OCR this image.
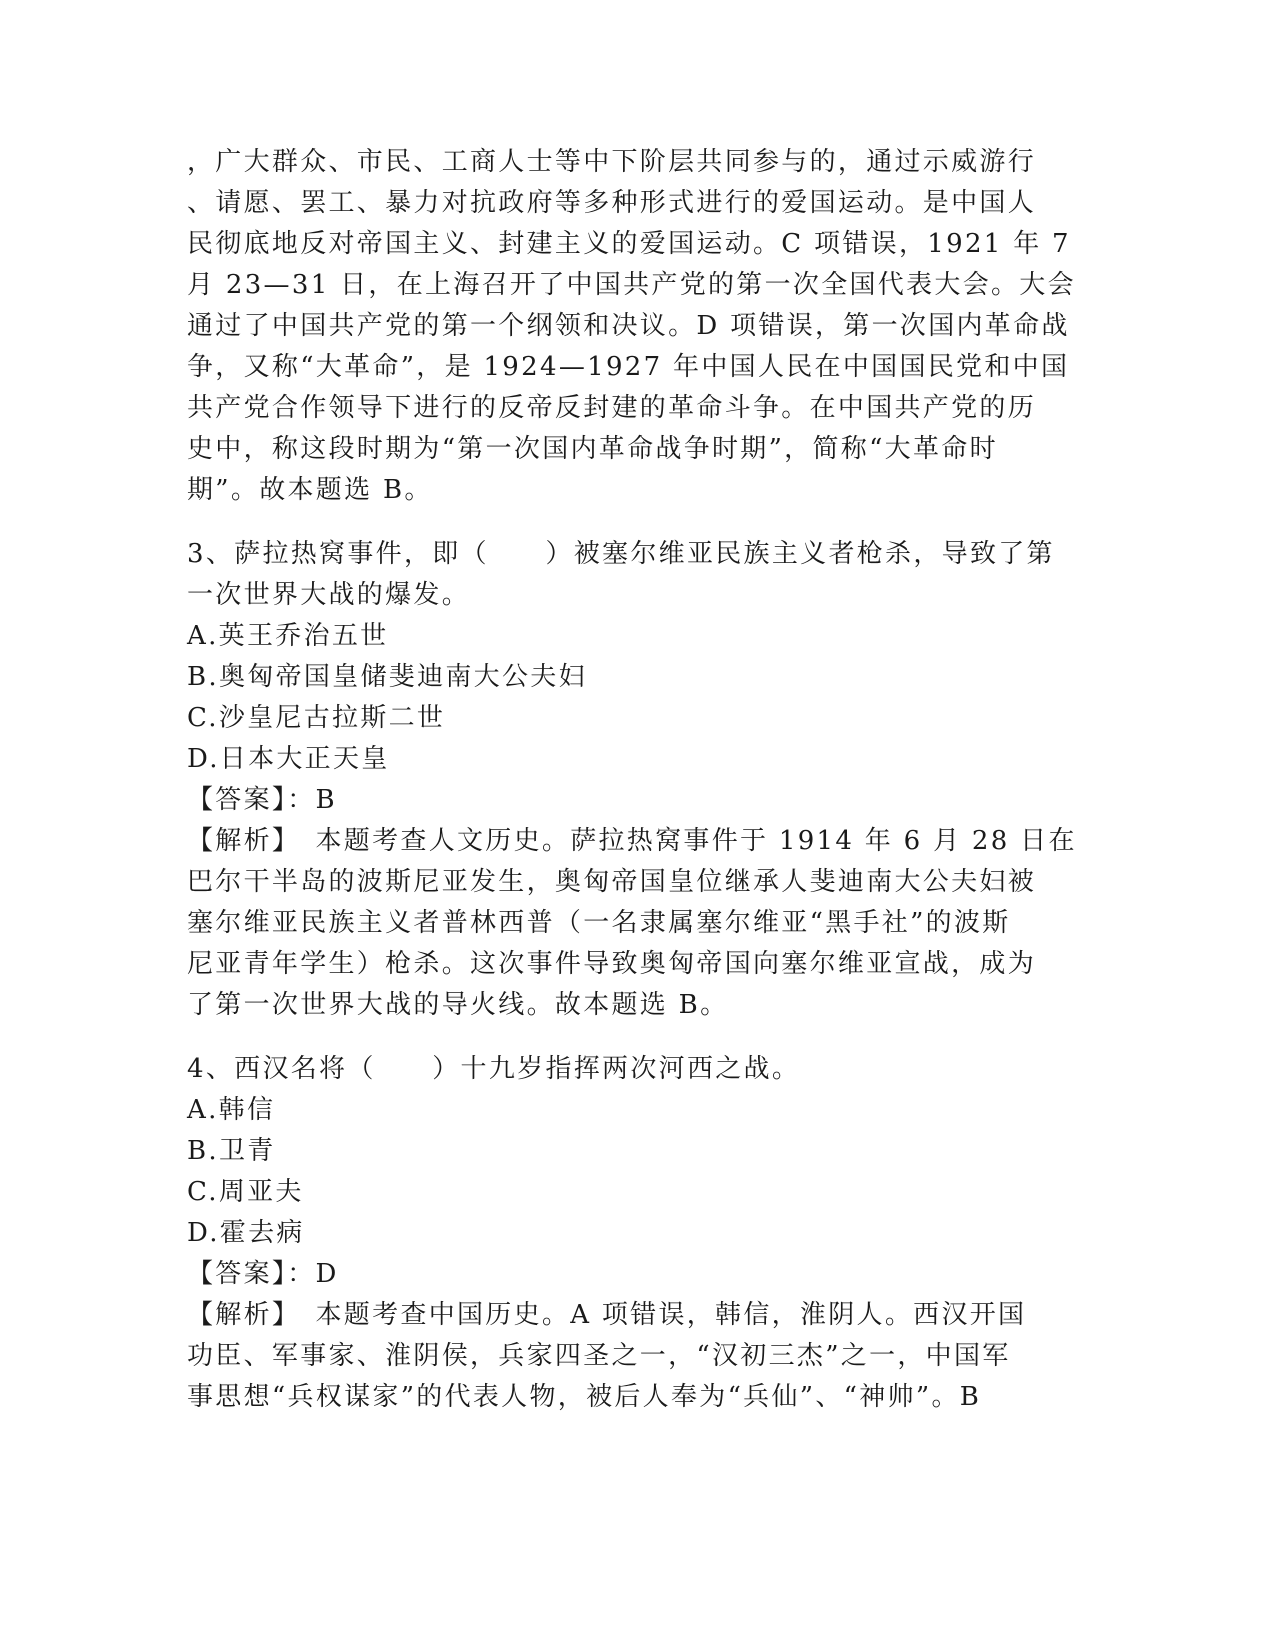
，广大群众、市民、工商人士等中下阶层共同参与的，通过示威游行
、请愿、罢工、暴力对抗政府等多种形式进行的爱国运动。是中国人
民彻底地反对帝国主义、封建主义的爱国运动。C 项错误，1921 年 7
月 23—31 日，在上海召开了中国共产党的第一次全国代表大会。大会
通过了中国共产党的第一个纲领和决议。D 项错误，第一次国内革命战
争，又称“大革命”，是 1924—1927 年中国人民在中国国民党和中国
共产党合作领导下进行的反帝反封建的革命斗争。在中国共产党的历
史中，称这段时期为“第一次国内革命战争时期”，简称“大革命时
期”。故本题选 B。
3、萨拉热窝事件，即（　　）被塞尔维亚民族主义者枪杀，导致了第
一次世界大战的爆发。
A.英王乔治五世
B.奥匈帝国皇储斐迪南大公夫妇
C.沙皇尼古拉斯二世
D.日本大正天皇
【答案】：B
【解析】　本题考查人文历史。萨拉热窝事件于 1914 年 6 月 28 日在
巴尔干半岛的波斯尼亚发生，奥匈帝国皇位继承人斐迪南大公夫妇被
塞尔维亚民族主义者普林西普（一名隶属塞尔维亚“黑手社”的波斯
尼亚青年学生）枪杀。这次事件导致奥匈帝国向塞尔维亚宣战，成为
了第一次世界大战的导火线。故本题选 B。
4、西汉名将（　　）十九岁指挥两次河西之战。
A.韩信
B.卫青
C.周亚夫
D.霍去病
【答案】：D
【解析】　本题考查中国历史。A 项错误，韩信，淮阴人。西汉开国
功臣、军事家、淮阴侯，兵家四圣之一，“汉初三杰”之一，中国军
事思想“兵权谋家”的代表人物，被后人奉为“兵仙”、“神帅”。B
